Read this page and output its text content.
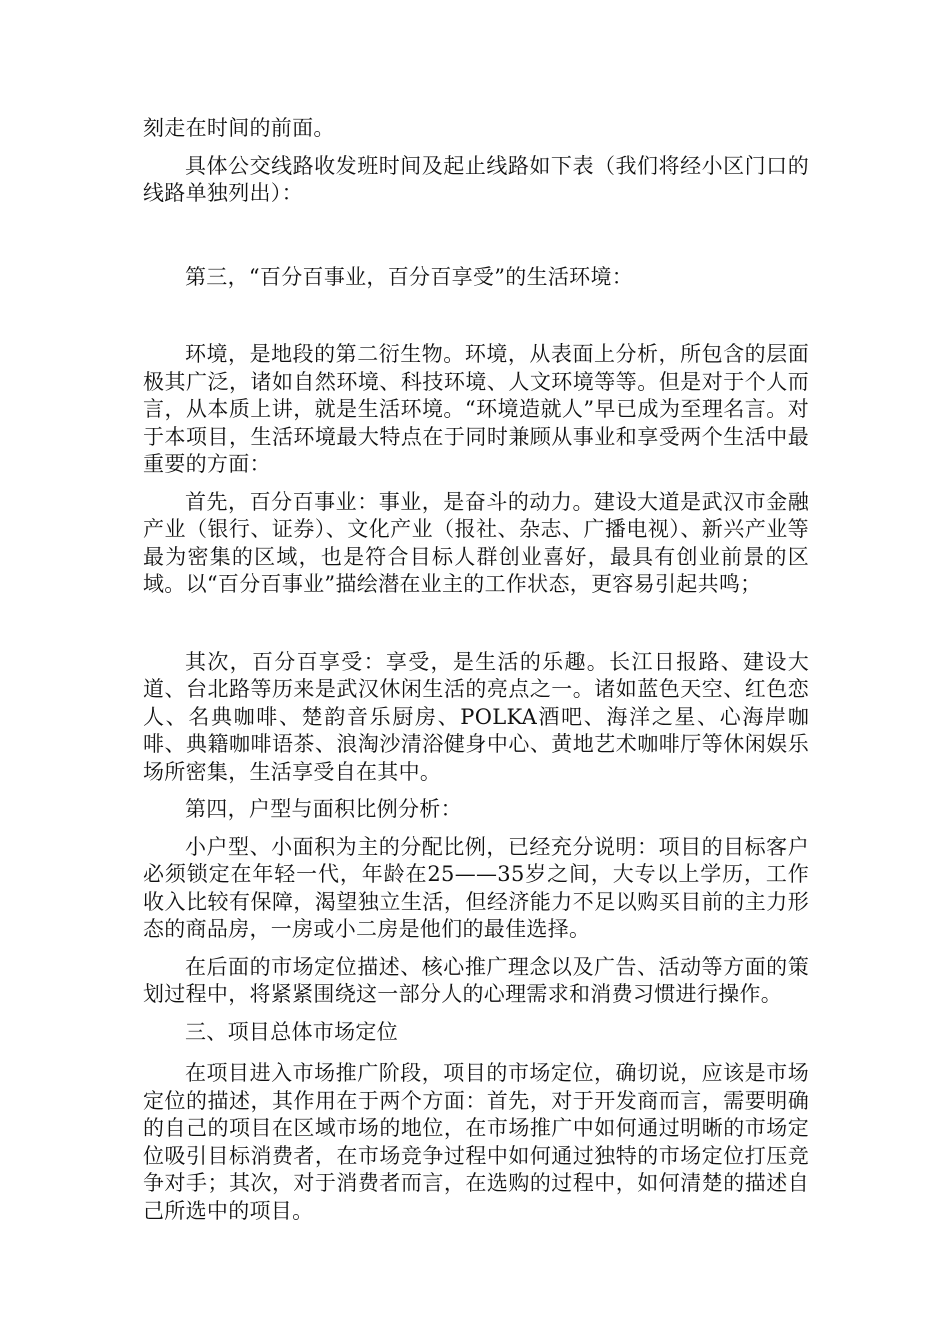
刻走在时间的前面。

具体公交线路收发班时间及起止线路如下表（我们将经小区门口的线路单独列出）：

第三，“百分百事业，百分百享受”的生活环境：

环境，是地段的第二衍生物。环境，从表面上分析，所包含的层面极其广泛，诸如自然环境、科技环境、人文环境等等。但是对于个人而言，从本质上讲，就是生活环境。“环境造就人”早已成为至理名言。对于本项目，生活环境最大特点在于同时兼顾从事业和享受两个生活中最重要的方面：

首先，百分百事业：事业，是奋斗的动力。建设大道是武汉市金融产业（银行、证券）、文化产业（报社、杂志、广播电视）、新兴产业等最为密集的区域，也是符合目标人群创业喜好，最具有创业前景的区域。以“百分百事业”描绘潜在业主的工作状态，更容易引起共鸣；

其次，百分百享受：享受，是生活的乐趣。长江日报路、建设大道、台北路等历来是武汉休闲生活的亮点之一。诸如蓝色天空、红色恋人、名典咖啡、楚韵音乐厨房、POLKA酒吧、海洋之星、心海岸咖啡、典籍咖啡语茶、浪淘沙清浴健身中心、黄地艺术咖啡厅等休闲娱乐场所密集，生活享受自在其中。

第四，户型与面积比例分析：

小户型、小面积为主的分配比例，已经充分说明：项目的目标客户必须锁定在年轻一代，年龄在25——35岁之间，大专以上学历，工作收入比较有保障，渴望独立生活，但经济能力不足以购买目前的主力形态的商品房，一房或小二房是他们的最佳选择。

在后面的市场定位描述、核心推广理念以及广告、活动等方面的策划过程中，将紧紧围绕这一部分人的心理需求和消费习惯进行操作。

三、项目总体市场定位

在项目进入市场推广阶段，项目的市场定位，确切说，应该是市场定位的描述，其作用在于两个方面：首先，对于开发商而言，需要明确的自己的项目在区域市场的地位，在市场推广中如何通过明晰的市场定位吸引目标消费者，在市场竞争过程中如何通过独特的市场定位打压竞争对手；其次，对于消费者而言，在选购的过程中，如何清楚的描述自己所选中的项目。
